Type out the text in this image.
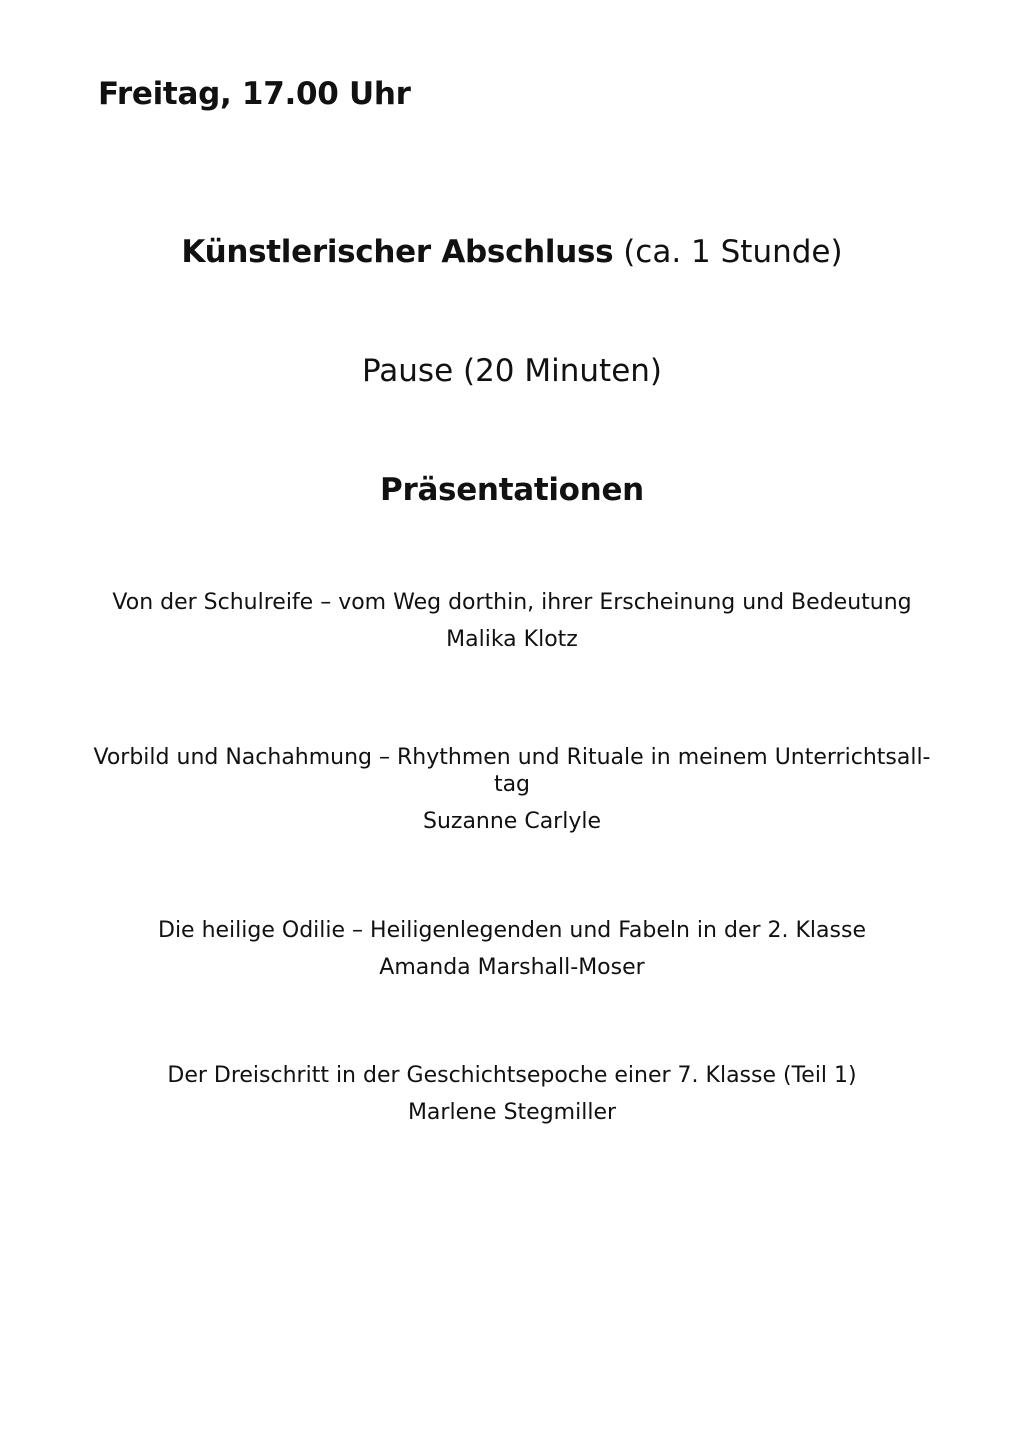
Freitag, 17.00 Uhr
Künstlerischer Abschluss (ca. 1 Stunde)
Pause (20 Minuten)
Präsentationen
Von der Schulreife – vom Weg dorthin, ihrer Erscheinung und Bedeutung
Malika Klotz
Vorbild und Nachahmung – Rhythmen und Rituale in meinem Unterrichtsall-tag
Suzanne Carlyle
Die heilige Odilie – Heiligenlegenden und Fabeln in der 2. Klasse
Amanda Marshall-Moser
Der Dreischritt in der Geschichtsepoche einer 7. Klasse (Teil 1)
Marlene Stegmiller
